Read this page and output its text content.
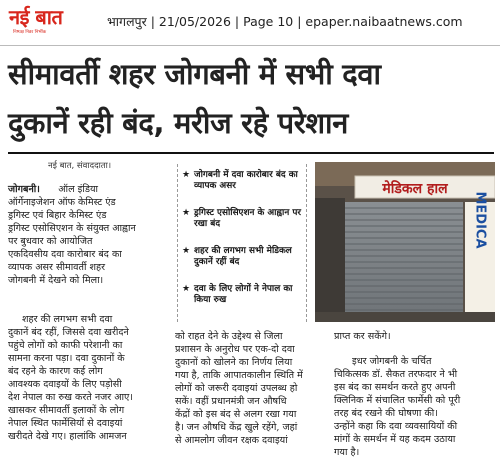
नई बात
निष्पक्ष निडर निर्भीक
भागलपुर | 21/05/2026 | Page 10 | epaper.naibaatnews.com
सीमावर्ती शहर जोगबनी में सभी दवा
दुकानें रही बंद, मरीज रहे परेशान
नई बात, संवाददाता।

जोगबनी। ऑल इंडिया

ऑर्गेनाइजेशन ऑफ केमिस्ट एंड

ड्रगिस्ट एवं बिहार केमिस्ट एंड

ड्रगिस्ट एसोसिएशन के संयुक्त आह्वान

पर बुधवार को आयोजित

एकदिवसीय दवा कारोबार बंद का

व्यापक असर सीमावर्ती शहर

जोगबनी में देखने को मिला।

शहर की लगभग सभी दवा

दुकानें बंद रहीं, जिससे दवा खरीदने

पहुंचे लोगों को काफी परेशानी का

सामना करना पड़ा। दवा दुकानों के

बंद रहने के कारण कई लोग

आवश्यक दवाइयों के लिए पड़ोसी

देश नेपाल का रुख करते नजर आए।

खासकर सीमावर्ती इलाकों के लोग

नेपाल स्थित फार्मेसियों से दवाइयां

खरीदते देखे गए। हालांकि आमजन

★ जोगबनी में दवा कारोबार बंद का व्यापक असर
★ ड्रगिस्ट एसोसिएशन के आह्वान पर रखा बंद
★ शहर की लगभग सभी मेडिकल दुकानें रहीं बंद
★ दवा के लिए लोगों ने नेपाल का किया रुख
मेडिकल हाल
MEDICA

को राहत देने के उद्देश्य से जिला

प्रशासन के अनुरोध पर एक-दो दवा

दुकानों को खोलने का निर्णय लिया

गया है, ताकि आपातकालीन स्थिति में

लोगों को जरूरी दवाइयां उपलब्ध हो

सकें। वहीं प्रधानमंत्री जन औषधि

केंद्रों को इस बंद से अलग रखा गया

है। जन औषधि केंद्र खुले रहेंगे, जहां

से आमलोग जीवन रक्षक दवाइयां

प्राप्त कर सकेंगे।

इधर जोगबनी के चर्चित

चिकित्सक डॉ. सैकत तरफदार ने भी

इस बंद का समर्थन करते हुए अपनी

क्लिनिक में संचालित फार्मेसी को पूरी

तरह बंद रखने की घोषणा की।

उन्होंने कहा कि दवा व्यवसायियों की

मांगों के समर्थन में यह कदम उठाया

गया है।
